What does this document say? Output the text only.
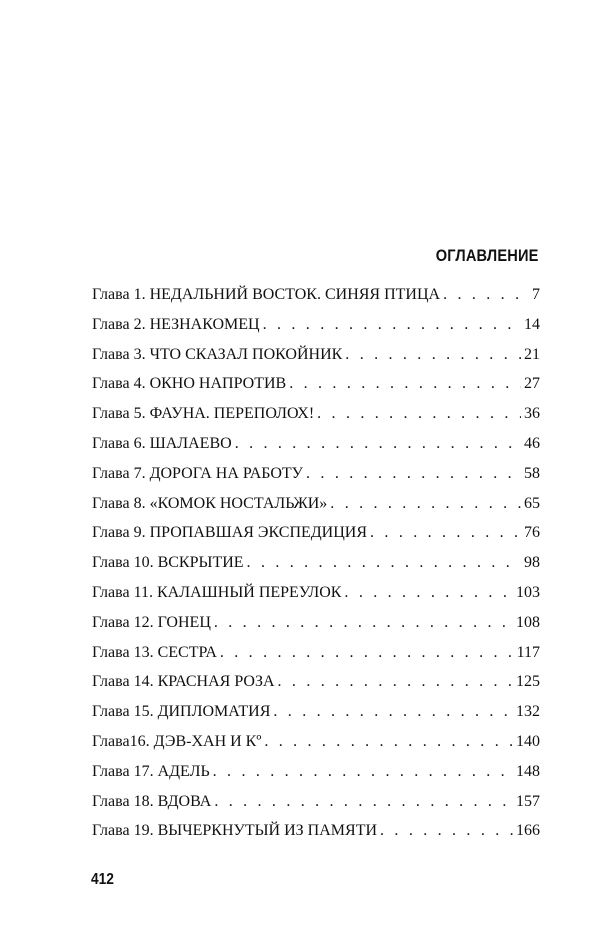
ОГЛАВЛЕНИЕ
Глава 1. НЕДАЛЬНИЙ ВОСТОК. СИНЯЯ ПТИЦА . . .	7
Глава 2. НЕЗНАКОМЕЦ . . .	14
Глава 3. ЧТО СКАЗАЛ ПОКОЙНИК . . .	21
Глава 4. ОКНО НАПРОТИВ . . .	27
Глава 5. ФАУНА. ПЕРЕПОЛОХ! . . .	36
Глава 6. ШАЛАЕВО . . .	46
Глава 7. ДОРОГА НА РАБОТУ . . .	58
Глава 8. «КОМОК НОСТАЛЬЖИ» . . .	65
Глава 9. ПРОПАВШАЯ ЭКСПЕДИЦИЯ . . .	76
Глава 10. ВСКРЫТИЕ . . .	98
Глава 11. КАЛАШНЫЙ ПЕРЕУЛОК . . .	103
Глава 12. ГОНЕЦ . . .	108
Глава 13. СЕСТРА . . .	117
Глава 14. КРАСНАЯ РОЗА . . .	125
Глава 15. ДИПЛОМАТИЯ . . .	132
Глава16. ДЭВ-ХАН И Кº . . .	140
Глава 17. АДЕЛЬ . . .	148
Глава 18. ВДОВА . . .	157
Глава 19. ВЫЧЕРКНУТЫЙ ИЗ ПАМЯТИ . . .	166
412
